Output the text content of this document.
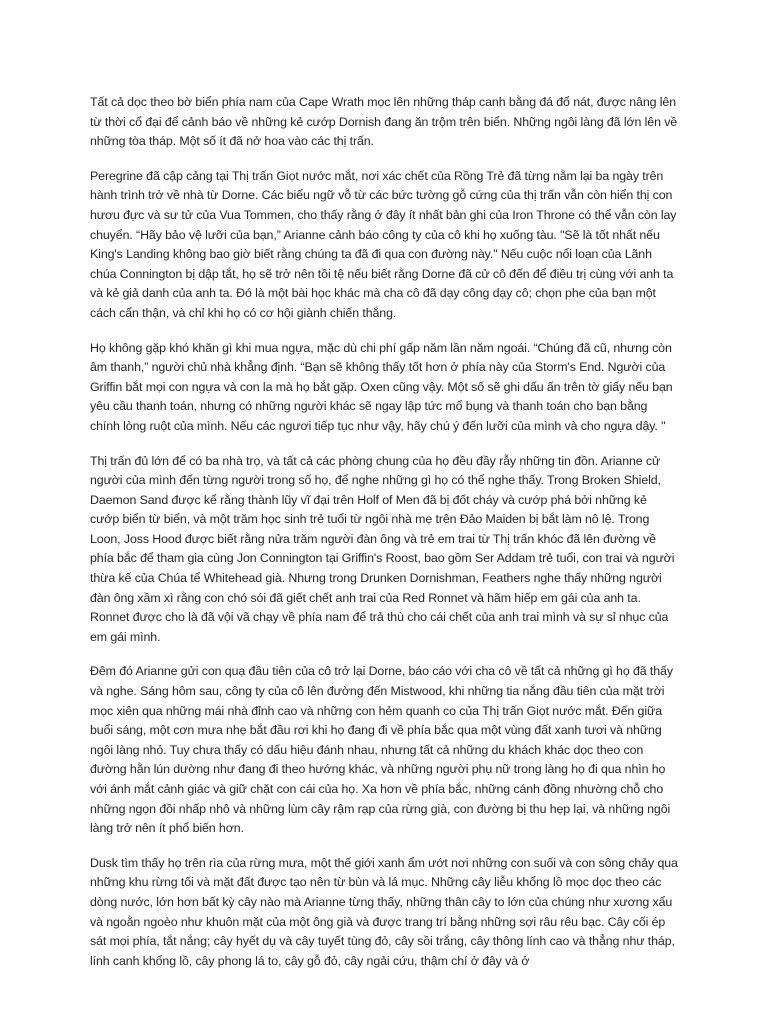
Tất cả dọc theo bờ biển phía nam của Cape Wrath mọc lên những tháp canh bằng đá đổ nát, được nâng lên từ thời cổ đại để cảnh báo về những kẻ cướp Dornish đang ăn trộm trên biển. Những ngôi làng đã lớn lên về những tòa tháp. Một số ít đã nở hoa vào các thị trấn.

Peregrine đã cập cảng tại Thị trấn Giọt nước mắt, nơi xác chết của Rồng Trẻ đã từng nằm lại ba ngày trên hành trình trở về nhà từ Dorne. Các biểu ngữ vỗ từ các bức tường gỗ cứng của thị trấn vẫn còn hiển thị con hươu đực và sư tử của Vua Tommen, cho thấy rằng ở đây ít nhất bản ghi của Iron Throne có thể vẫn còn lay chuyển. “Hãy bảo vệ lưỡi của bạn,” Arianne cảnh báo công ty của cô khi họ xuống tàu. "Sẽ là tốt nhất nếu King's Landing không bao giờ biết rằng chúng ta đã đi qua con đường này." Nếu cuộc nổi loạn của Lãnh chúa Connington bị dập tắt, họ sẽ trở nên tồi tệ nếu biết rằng Dorne đã cử cô đến để điều trị cùng với anh ta và kẻ giả danh của anh ta. Đó là một bài học khác mà cha cô đã dạy công dạy cô; chọn phe của bạn một cách cẩn thận, và chỉ khi họ có cơ hội giành chiến thắng.

Họ không gặp khó khăn gì khi mua ngựa, mặc dù chi phí gấp năm lần năm ngoái. “Chúng đã cũ, nhưng còn âm thanh,” người chủ nhà khẳng định. “Bạn sẽ không thấy tốt hơn ở phía này của Storm's End. Người của Griffin bắt mọi con ngựa và con la mà họ bắt gặp. Oxen cũng vậy. Một số sẽ ghi dấu ấn trên tờ giấy nếu bạn yêu cầu thanh toán, nhưng có những người khác sẽ ngay lập tức mổ bụng và thanh toán cho bạn bằng chính lòng ruột của mình. Nếu các ngươi tiếp tục như vậy, hãy chú ý đến lưỡi của mình và cho ngựa dậy. "

Thị trấn đủ lớn để có ba nhà trọ, và tất cả các phòng chung của họ đều đầy rẫy những tin đồn. Arianne cử người của mình đến từng người trong số họ, để nghe những gì họ có thể nghe thấy. Trong Broken Shield, Daemon Sand được kể rằng thành lũy vĩ đại trên Holf of Men đã bị đốt cháy và cướp phá bởi những kẻ cướp biển từ biển, và một trăm học sinh trẻ tuổi từ ngôi nhà mẹ trên Đảo Maiden bị bắt làm nô lệ. Trong Loon, Joss Hood được biết rằng nửa trăm người đàn ông và trẻ em trai từ Thị trấn khóc đã lên đường về phía bắc để tham gia cùng Jon Connington tại Griffin's Roost, bao gồm Ser Addam trẻ tuổi, con trai và người thừa kế của Chúa tể Whitehead già. Nhưng trong Drunken Dornishman, Feathers nghe thấy những người đàn ông xầm xì rằng con chó sói đã giết chết anh trai của Red Ronnet và hãm hiếp em gái của anh ta. Ronnet được cho là đã vội vã chạy về phía nam để trả thù cho cái chết của anh trai mình và sự sỉ nhục của em gái mình.

Đêm đó Arianne gửi con quạ đầu tiên của cô trở lại Dorne, báo cáo với cha cô về tất cả những gì họ đã thấy và nghe. Sáng hôm sau, công ty của cô lên đường đến Mistwood, khi những tia nắng đầu tiên của mặt trời mọc xiên qua những mái nhà đỉnh cao và những con hẻm quanh co của Thị trấn Giọt nước mắt. Đến giữa buổi sáng, một cơn mưa nhẹ bắt đầu rơi khi họ đang đi về phía bắc qua một vùng đất xanh tươi và những ngôi làng nhỏ. Tuy chưa thấy có dấu hiệu đánh nhau, nhưng tất cả những du khách khác dọc theo con đường hằn lún dường như đang đi theo hướng khác, và những người phụ nữ trong làng họ đi qua nhìn họ với ánh mắt cảnh giác và giữ chặt con cái của họ. Xa hơn về phía bắc, những cánh đồng nhường chỗ cho những ngọn đồi nhấp nhô và những lùm cây rậm rạp của rừng già, con đường bị thu hẹp lại, và những ngôi làng trở nên ít phổ biến hơn.

Dusk tìm thấy họ trên rìa của rừng mưa, một thế giới xanh ẩm ướt nơi những con suối và con sông chảy qua những khu rừng tối và mặt đất được tạo nên từ bùn và lá mục. Những cây liễu khổng lồ mọc dọc theo các dòng nước, lớn hơn bất kỳ cây nào mà Arianne từng thấy, những thân cây to lớn của chúng như xương xẩu và ngoằn ngoèo như khuôn mặt của một ông già và được trang trí bằng những sợi râu rêu bạc. Cây cối ép sát mọi phía, tắt nắng; cây hyết dụ và cây tuyết tùng đỏ, cây sồi trắng, cây thông lính cao và thẳng như tháp, lính canh khổng lồ, cây phong lá to, cây gỗ đỏ, cây ngải cứu, thậm chí ở đây và ở
